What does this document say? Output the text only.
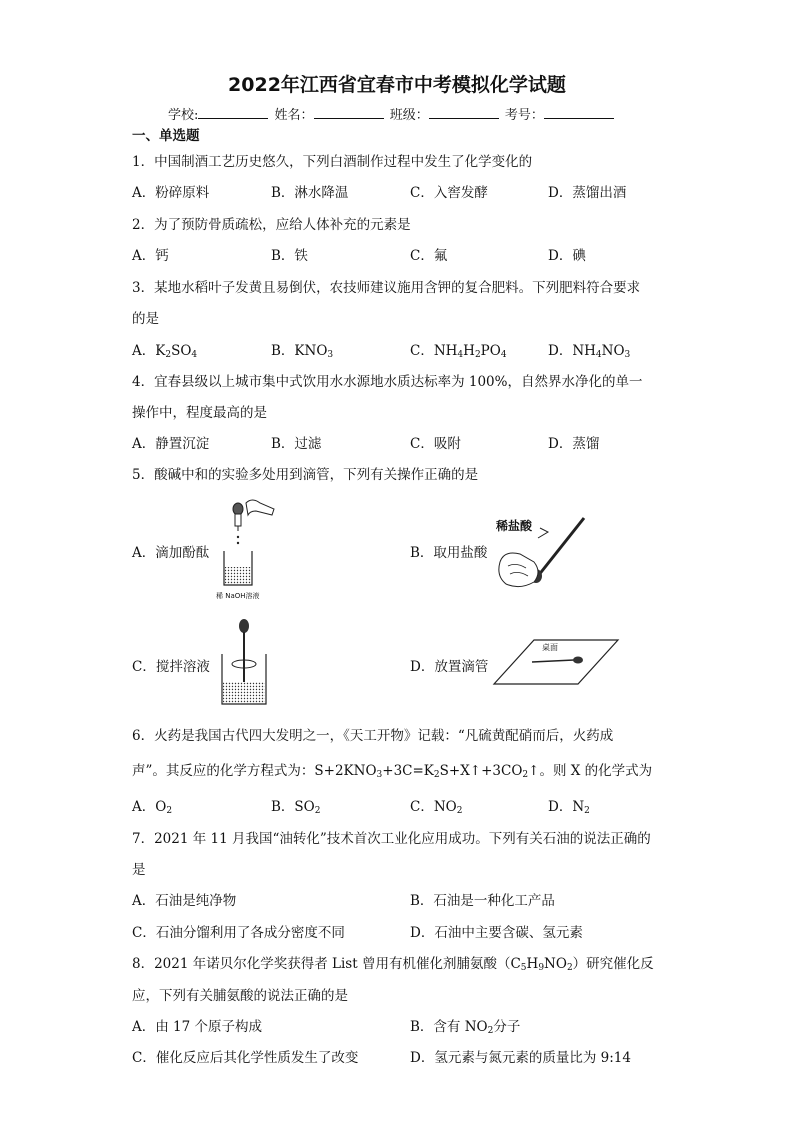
2022年江西省宜春市中考模拟化学试题
学校:	姓名：	班级：	考号：
一、单选题
1．中国制酒工艺历史悠久，下列白酒制作过程中发生了化学变化的
A．粉碎原料	B．淋水降温	C．入窖发酵	D．蒸馏出酒
2．为了预防骨质疏松，应给人体补充的元素是
A．钙	B．铁	C．氟	D．碘
3．某地水稻叶子发黄且易倒伏，农技师建议施用含钾的复合肥料。下列肥料符合要求
的是
A．$K_2SO_4$	B．$KNO_3$	C．$NH_4H_2PO_4$	D．$NH_4NO_3$
4．宜春县级以上城市集中式饮用水水源地水质达标率为 100%，自然界水净化的单一
操作中，程度最高的是
A．静置沉淀	B．过滤	C．吸附	D．蒸馏
5．酸碱中和的实验多处用到滴管，下列有关操作正确的是
A．滴加酚酞	B．取用盐酸
C．搅拌溶液	D．放置滴管
稀 NaOH溶液
稀盐酸
桌面
6．火药是我国古代四大发明之一，《天工开物》记载：“凡硫黄配硝而后，火药成
声”。其反应的化学方程式为：$S+2KNO_3+3C=K_2S+X↑+3CO_2↑$。则 X 的化学式为
A．$O_2$	B．$SO_2$	C．$NO_2$	D．$N_2$
7．2021 年 11 月我国“油转化”技术首次工业化应用成功。下列有关石油的说法正确的
是
A．石油是纯净物	B．石油是一种化工产品
C．石油分馏利用了各成分密度不同	D．石油中主要含碳、氢元素
8．2021 年诺贝尔化学奖获得者 List 曾用有机催化剂脯氨酸$(C_5H_9NO_2)$研究催化反
应，下列有关脯氨酸的说法正确的是
A．由 17 个原子构成	B．含有 $NO_2$分子
C．催化反应后其化学性质发生了改变	D．氢元素与氮元素的质量比为 9:14
